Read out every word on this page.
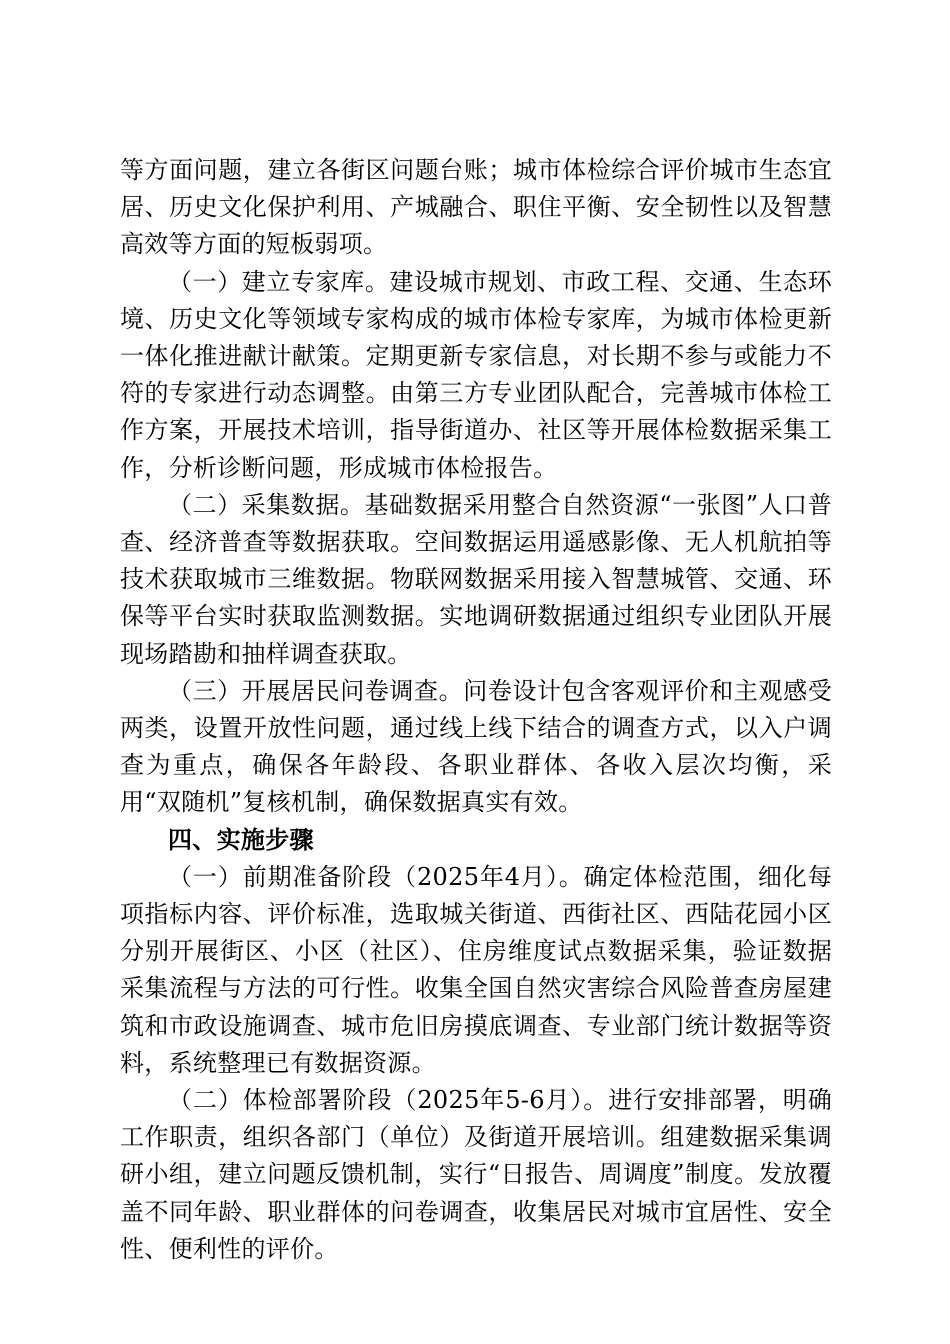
等方面问题，建立各街区问题台账；城市体检综合评价城市生态宜居、历史文化保护利用、产城融合、职住平衡、安全韧性以及智慧高效等方面的短板弱项。

（一）建立专家库。建设城市规划、市政工程、交通、生态环境、历史文化等领域专家构成的城市体检专家库，为城市体检更新一体化推进献计献策。定期更新专家信息，对长期不参与或能力不符的专家进行动态调整。由第三方专业团队配合，完善城市体检工作方案，开展技术培训，指导街道办、社区等开展体检数据采集工作，分析诊断问题，形成城市体检报告。

（二）采集数据。基础数据采用整合自然资源“一张图”人口普查、经济普查等数据获取。空间数据运用遥感影像、无人机航拍等技术获取城市三维数据。物联网数据采用接入智慧城管、交通、环保等平台实时获取监测数据。实地调研数据通过组织专业团队开展现场踏勘和抽样调查获取。

（三）开展居民问卷调查。问卷设计包含客观评价和主观感受两类，设置开放性问题，通过线上线下结合的调查方式，以入户调查为重点，确保各年龄段、各职业群体、各收入层次均衡，采用“双随机”复核机制，确保数据真实有效。

四、实施步骤

（一）前期准备阶段（2025年4月）。确定体检范围，细化每项指标内容、评价标准，选取城关街道、西街社区、西陆花园小区分别开展街区、小区（社区）、住房维度试点数据采集，验证数据采集流程与方法的可行性。收集全国自然灾害综合风险普查房屋建筑和市政设施调查、城市危旧房摸底调查、专业部门统计数据等资料，系统整理已有数据资源。

（二）体检部署阶段（2025年5-6月）。进行安排部署，明确工作职责，组织各部门（单位）及街道开展培训。组建数据采集调研小组，建立问题反馈机制，实行“日报告、周调度”制度。发放覆盖不同年龄、职业群体的问卷调查，收集居民对城市宜居性、安全性、便利性的评价。
